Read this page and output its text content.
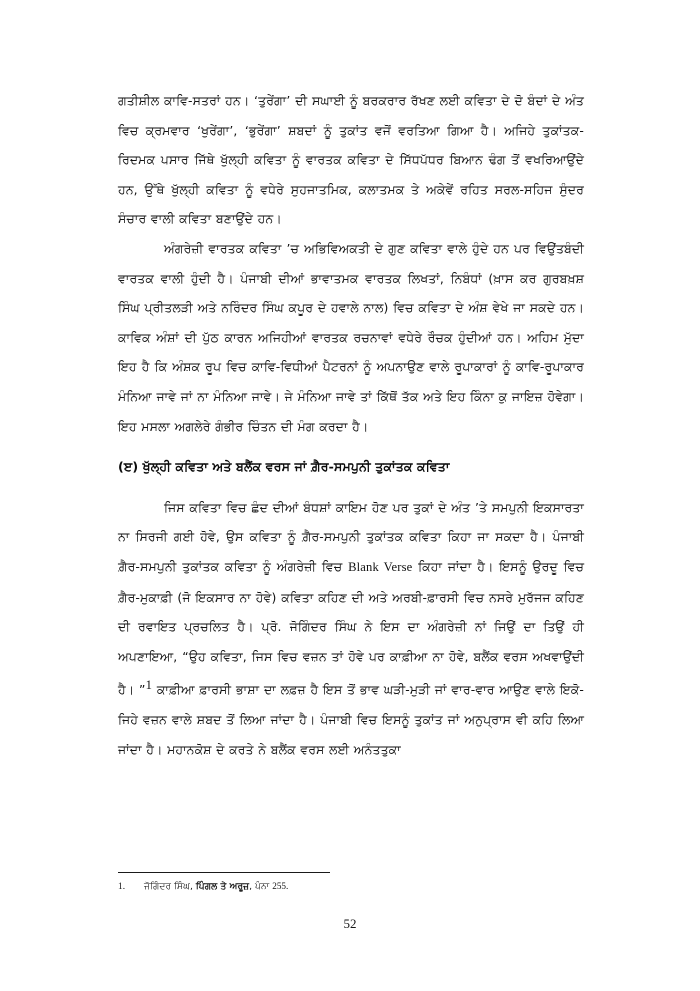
ਗਤੀਸ਼ੀਲ ਕਾਵਿ-ਸਤਰਾਂ ਹਨ। ‘ਤੁਰੇਂਗਾ’ ਦੀ ਸਘਾਈ ਨੂੰ ਬਰਕਰਾਰ ਰੱਖਣ ਲਈ ਕਵਿਤਾ ਦੇ ਦੋ ਬੰਦਾਂ ਦੇ ਅੰਤ ਵਿਚ ਕ੍ਰਮਵਾਰ ‘ਖੁਰੇਂਗਾ’, ‘ਭੁਰੇਂਗਾ’ ਸ਼ਬਦਾਂ ਨੂੰ ਤੁਕਾਂਤ ਵਜੋਂ ਵਰਤਿਆ ਗਿਆ ਹੈ। ਅਜਿਹੇ ਤੁਕਾਂਤਕ-ਰਿਦਮਕ ਪਸਾਰ ਜਿੱਥੇ ਖੁੱਲ੍ਹੀ ਕਵਿਤਾ ਨੂੰ ਵਾਰਤਕ ਕਵਿਤਾ ਦੇ ਸਿੱਧਪੱਧਰ ਬਿਆਨ ਢੰਗ ਤੋਂ ਵਖਰਿਆਉਂਦੇ ਹਨ, ਉੱਥੇ ਖੁੱਲ੍ਹੀ ਕਵਿਤਾ ਨੂੰ ਵਧੇਰੇ ਸੁਹਜਾਤਮਿਕ, ਕਲਾਤਮਕ ਤੇ ਅਕੇਵੇਂ ਰਹਿਤ ਸਰਲ-ਸਹਿਜ ਸੁੰਦਰ ਸੰਚਾਰ ਵਾਲੀ ਕਵਿਤਾ ਬਣਾਉਂਦੇ ਹਨ।

ਅੰਗਰੇਜ਼ੀ ਵਾਰਤਕ ਕਵਿਤਾ ’ਚ ਅਭਿਵਿਅਕਤੀ ਦੇ ਗੁਣ ਕਵਿਤਾ ਵਾਲੇ ਹੁੰਦੇ ਹਨ ਪਰ ਵਿਉਂਤਬੰਦੀ ਵਾਰਤਕ ਵਾਲੀ ਹੁੰਦੀ ਹੈ। ਪੰਜਾਬੀ ਦੀਆਂ ਭਾਵਾਤਮਕ ਵਾਰਤਕ ਲਿਖਤਾਂ, ਨਿਬੰਧਾਂ (ਖ਼ਾਸ ਕਰ ਗੁਰਬਖ਼ਸ਼ ਸਿੰਘ ਪ੍ਰੀਤਲੜੀ ਅਤੇ ਨਰਿੰਦਰ ਸਿੰਘ ਕਪੂਰ ਦੇ ਹਵਾਲੇ ਨਾਲ) ਵਿਚ ਕਵਿਤਾ ਦੇ ਅੰਸ਼ ਵੇਖੇ ਜਾ ਸਕਦੇ ਹਨ। ਕਾਵਿਕ ਅੰਸ਼ਾਂ ਦੀ ਪੁੱਠ ਕਾਰਨ ਅਜਿਹੀਆਂ ਵਾਰਤਕ ਰਚਨਾਵਾਂ ਵਧੇਰੇ ਰੌਚਕ ਹੁੰਦੀਆਂ ਹਨ। ਅਹਿਮ ਮੁੱਦਾ ਇਹ ਹੈ ਕਿ ਅੰਸ਼ਕ ਰੂਪ ਵਿਚ ਕਾਵਿ-ਵਿਧੀਆਂ ਪੈਟਰਨਾਂ ਨੂੰ ਅਪਨਾਉਣ ਵਾਲੇ ਰੂਪਾਕਾਰਾਂ ਨੂੰ ਕਾਵਿ-ਰੂਪਾਕਾਰ ਮੰਨਿਆ ਜਾਵੇ ਜਾਂ ਨਾ ਮੰਨਿਆ ਜਾਵੇ। ਜੇ ਮੰਨਿਆ ਜਾਵੇ ਤਾਂ ਕਿੱਥੋਂ ਤੱਕ ਅਤੇ ਇਹ ਕਿੰਨਾ ਕੁ ਜਾਇਜ਼ ਹੋਵੇਗਾ। ਇਹ ਮਸਲਾ ਅਗਲੇਰੇ ਗੰਭੀਰ ਚਿੰਤਨ ਦੀ ਮੰਗ ਕਰਦਾ ਹੈ।

(ੲ) ਖੁੱਲ੍ਹੀ ਕਵਿਤਾ ਅਤੇ ਬਲੈਂਕ ਵਰਸ ਜਾਂ ਗ਼ੈਰ-ਸਮਪੁਨੀ ਤੁਕਾਂਤਕ ਕਵਿਤਾ

ਜਿਸ ਕਵਿਤਾ ਵਿਚ ਛੰਦ ਦੀਆਂ ਬੰਧਸ਼ਾਂ ਕਾਇਮ ਹੋਣ ਪਰ ਤੁਕਾਂ ਦੇ ਅੰਤ ’ਤੇ ਸਮਪੁਨੀ ਇਕਸਾਰਤਾ ਨਾ ਸਿਰਜੀ ਗਈ ਹੋਵੇ, ਉਸ ਕਵਿਤਾ ਨੂੰ ਗ਼ੈਰ-ਸਮਪੁਨੀ ਤੁਕਾਂਤਕ ਕਵਿਤਾ ਕਿਹਾ ਜਾ ਸਕਦਾ ਹੈ। ਪੰਜਾਬੀ ਗ਼ੈਰ-ਸਮਪੁਨੀ ਤੁਕਾਂਤਕ ਕਵਿਤਾ ਨੂੰ ਅੰਗਰੇਜ਼ੀ ਵਿਚ Blank Verse ਕਿਹਾ ਜਾਂਦਾ ਹੈ। ਇਸਨੂੰ ਉਰਦੂ ਵਿਚ ਗ਼ੈਰ-ਮੁਕਾਫ਼ੀ (ਜੋ ਇਕਸਾਰ ਨਾ ਹੋਵੇ) ਕਵਿਤਾ ਕਹਿਣ ਦੀ ਅਤੇ ਅਰਬੀ-ਫ਼ਾਰਸੀ ਵਿਚ ਨਸਰੇ ਮੁਰੱਜਜ ਕਹਿਣ ਦੀ ਰਵਾਇਤ ਪ੍ਰਚਲਿਤ ਹੈ। ਪ੍ਰੋ. ਜੋਗਿੰਦਰ ਸਿੰਘ ਨੇ ਇਸ ਦਾ ਅੰਗਰੇਜ਼ੀ ਨਾਂ ਜਿਉਂ ਦਾ ਤਿਉਂ ਹੀ ਅਪਣਾਇਆ, “ਉਹ ਕਵਿਤਾ, ਜਿਸ ਵਿਚ ਵਜ਼ਨ ਤਾਂ ਹੋਵੇ ਪਰ ਕਾਫ਼ੀਆ ਨਾ ਹੋਵੇ, ਬਲੈਂਕ ਵਰਸ ਅਖਵਾਉਂਦੀ ਹੈ। ”$^1$ ਕਾਫ਼ੀਆ ਫ਼ਾਰਸੀ ਭਾਸ਼ਾ ਦਾ ਲਫ਼ਜ਼ ਹੈ ਇਸ ਤੋਂ ਭਾਵ ਘੜੀ-ਮੁੜੀ ਜਾਂ ਵਾਰ-ਵਾਰ ਆਉਣ ਵਾਲੇ ਇਕੋ-ਜਿਹੇ ਵਜ਼ਨ ਵਾਲੇ ਸ਼ਬਦ ਤੋਂ ਲਿਆ ਜਾਂਦਾ ਹੈ। ਪੰਜਾਬੀ ਵਿਚ ਇਸਨੂੰ ਤੁਕਾਂਤ ਜਾਂ ਅਨੁਪ੍ਰਾਸ ਵੀ ਕਹਿ ਲਿਆ ਜਾਂਦਾ ਹੈ। ਮਹਾਨਕੋਸ਼ ਦੇ ਕਰਤੇ ਨੇ ਬਲੈਂਕ ਵਰਸ ਲਈ ਅਨੰਤਤੁਕਾ

1.	ਜੋਗਿੰਦਰ ਸਿੰਘ, ਪਿੰਗਲ ਤੇ ਅਰੂਜ਼, ਪੰਨਾ 255.
52
